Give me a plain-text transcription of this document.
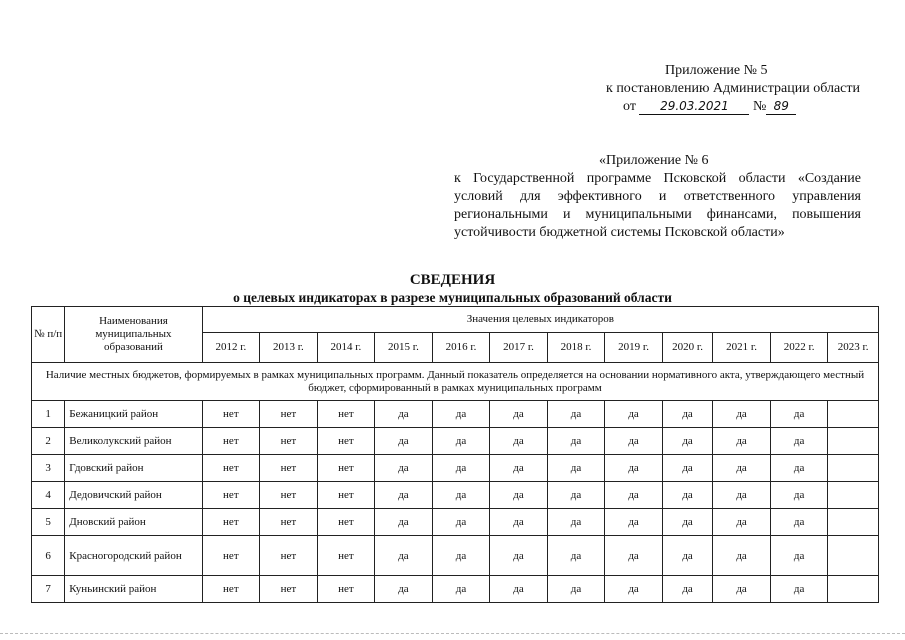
Приложение № 5
к постановлению Администрации области
от 29.03.2021 № 89
«Приложение № 6
к Государственной программе Псковской области «Создание условий для эффективного и ответственного управления региональными и муниципальными финансами, повышения устойчивости бюджетной системы Псковской области»
СВЕДЕНИЯ
о целевых индикаторах в разрезе муниципальных образований области
№ п/п	Наименования муниципальных образований	Значения целевых индикаторов											
		2012 г.	2013 г.	2014 г.	2015 г.	2016 г.	2017 г.	2018 г.	2019 г.	2020 г.	2021 г.	2022 г.	2023 г.
Наличие местных бюджетов, формируемых в рамках муниципальных программ. Данный показатель определяется на основании нормативного акта, утверждающего местный бюджет, сформированный в рамках муниципальных программ													
1	Бежаницкий район	нет	нет	нет	да	да	да	да	да	да	да	да	
2	Великолукский район	нет	нет	нет	да	да	да	да	да	да	да	да	
3	Гдовский район	нет	нет	нет	да	да	да	да	да	да	да	да	
4	Дедовичский район	нет	нет	нет	да	да	да	да	да	да	да	да	
5	Дновский район	нет	нет	нет	да	да	да	да	да	да	да	да	
6	Красногородский район	нет	нет	нет	да	да	да	да	да	да	да	да	
7	Куньинский район	нет	нет	нет	да	да	да	да	да	да	да	да	
